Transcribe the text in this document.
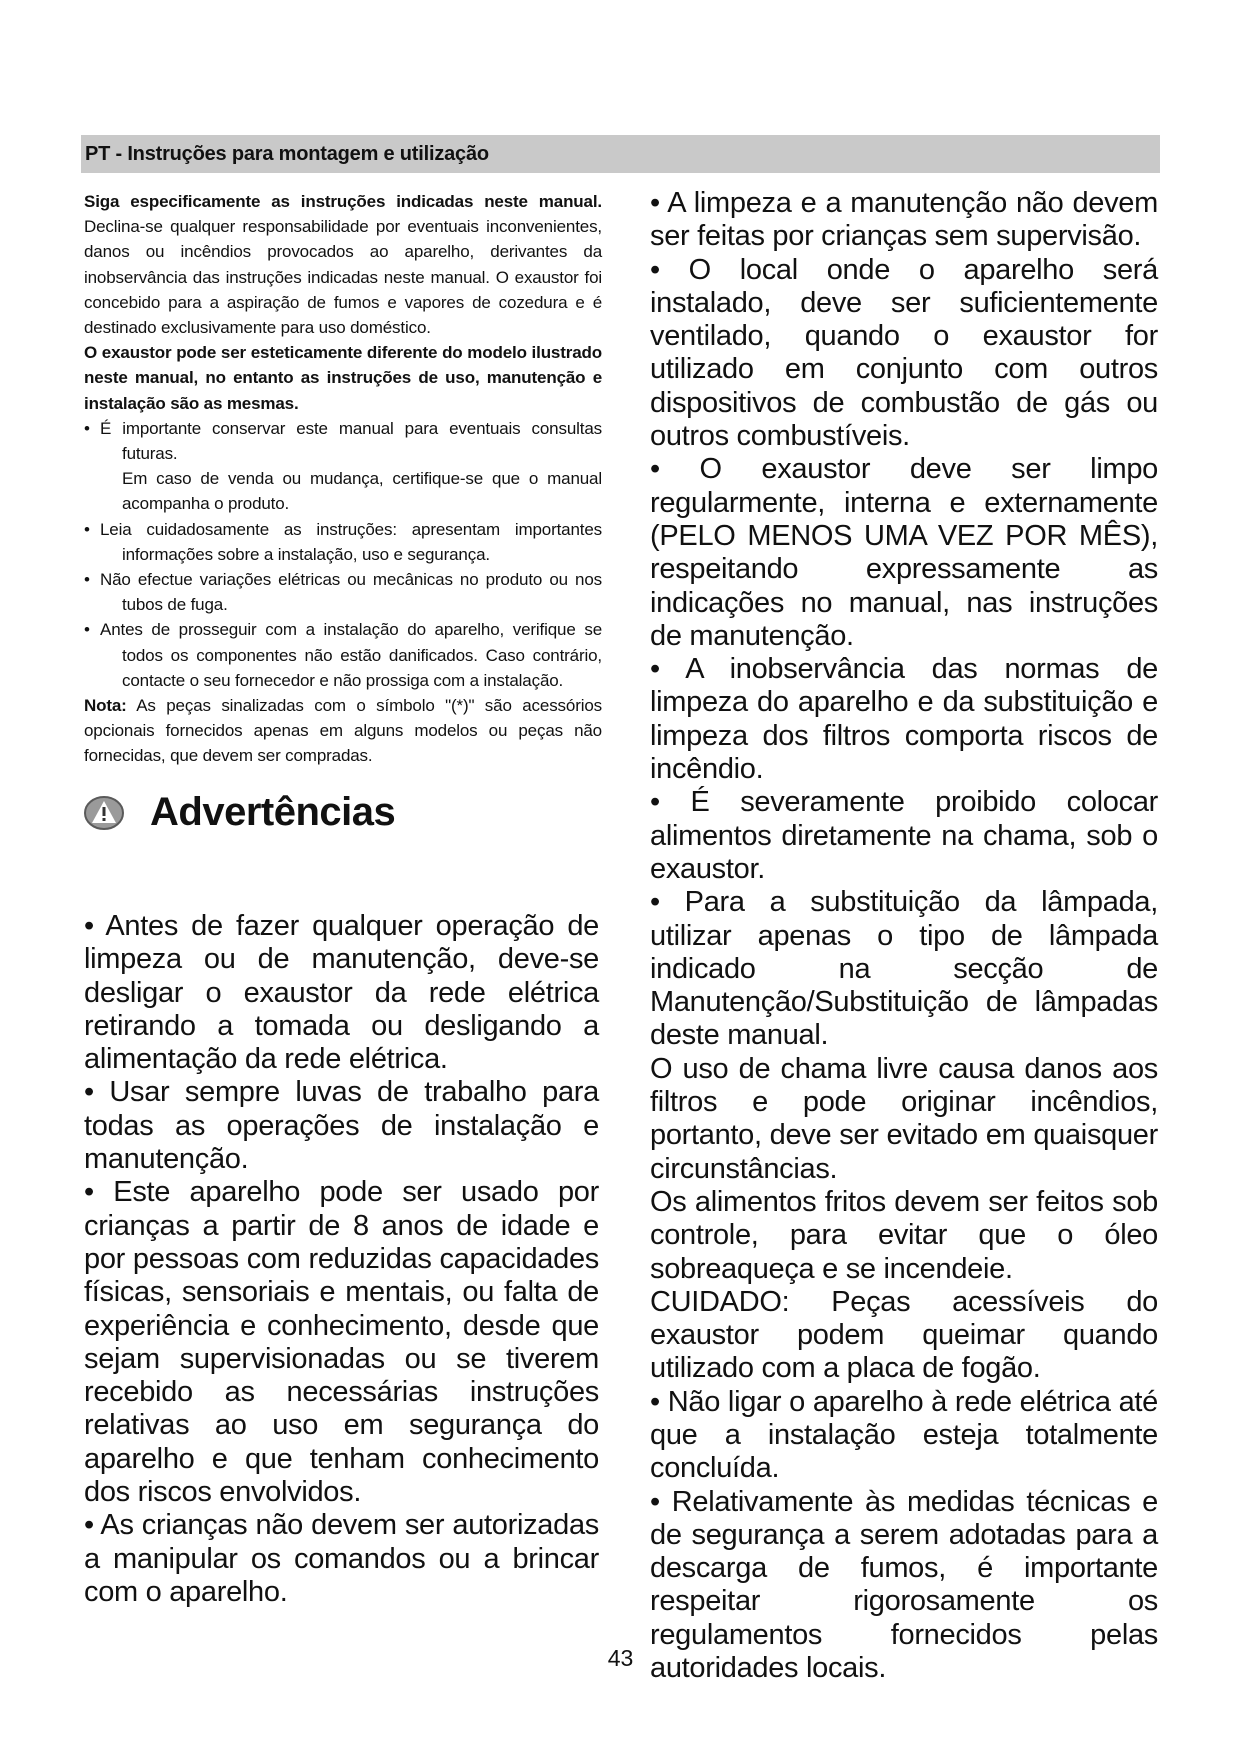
PT - Instruções para montagem e utilização

Siga especificamente as instruções indicadas neste manual. Declina-se qualquer responsabilidade por eventuais inconvenientes, danos ou incêndios provocados ao aparelho, derivantes da inobservância das instruções indicadas neste manual. O exaustor foi concebido para a aspiração de fumos e vapores de cozedura e é destinado exclusivamente para uso doméstico.

O exaustor pode ser esteticamente diferente do modelo ilustrado neste manual, no entanto as instruções de uso, manutenção e instalação são as mesmas.

• É importante conservar este manual para eventuais consultas futuras.
Em caso de venda ou mudança, certifique-se que o manual acompanha o produto.
• Leia cuidadosamente as instruções: apresentam importantes informações sobre a instalação, uso e segurança.
• Não efectue variações elétricas ou mecânicas no produto ou nos tubos de fuga.
• Antes de prosseguir com a instalação do aparelho, verifique se todos os componentes não estão danificados. Caso contrário, contacte o seu fornecedor e não prossiga com a instalação.

Nota: As peças sinalizadas com o símbolo "(*)" são acessórios opcionais fornecidos apenas em alguns modelos ou peças não fornecidas, que devem ser compradas.

Advertências

• Antes de fazer qualquer operação de limpeza ou de manutenção, deve-se desligar o exaustor da rede elétrica retirando a tomada ou desligando a alimentação da rede elétrica.

• Usar sempre luvas de trabalho para todas as operações de instalação e manutenção.

• Este aparelho pode ser usado por crianças a partir de 8 anos de idade e por pessoas com reduzidas capacidades físicas, sensoriais e mentais, ou falta de experiência e conhecimento, desde que sejam supervisionadas ou se tiverem recebido as necessárias instruções relativas ao uso em segurança do aparelho e que tenham conhecimento dos riscos envolvidos.

• As crianças não devem ser autorizadas a manipular os comandos ou a brincar com o aparelho.

• A limpeza e a manutenção não devem ser feitas por crianças sem supervisão.

• O local onde o aparelho será instalado, deve ser suficientemente ventilado, quando o exaustor for utilizado em conjunto com outros dispositivos de combustão de gás ou outros combustíveis.

• O exaustor deve ser limpo regularmente, interna e externamente (PELO MENOS UMA VEZ POR MÊS), respeitando expressamente as indicações no manual, nas instruções de manutenção.

• A inobservância das normas de limpeza do aparelho e da substituição e limpeza dos filtros comporta riscos de incêndio.

• É severamente proibido colocar alimentos diretamente na chama, sob o exaustor.

• Para a substituição da lâmpada, utilizar apenas o tipo de lâmpada indicado na secção de Manutenção/Substituição de lâmpadas deste manual.

O uso de chama livre causa danos aos filtros e pode originar incêndios, portanto, deve ser evitado em quaisquer circunstâncias.

Os alimentos fritos devem ser feitos sob controle, para evitar que o óleo sobreaqueça e se incendeie.

CUIDADO: Peças acessíveis do exaustor podem queimar quando utilizado com a placa de fogão.

• Não ligar o aparelho à rede elétrica até que a instalação esteja totalmente concluída.

• Relativamente às medidas técnicas e de segurança a serem adotadas para a descarga de fumos, é importante respeitar rigorosamente os regulamentos fornecidos pelas autoridades locais.

43
